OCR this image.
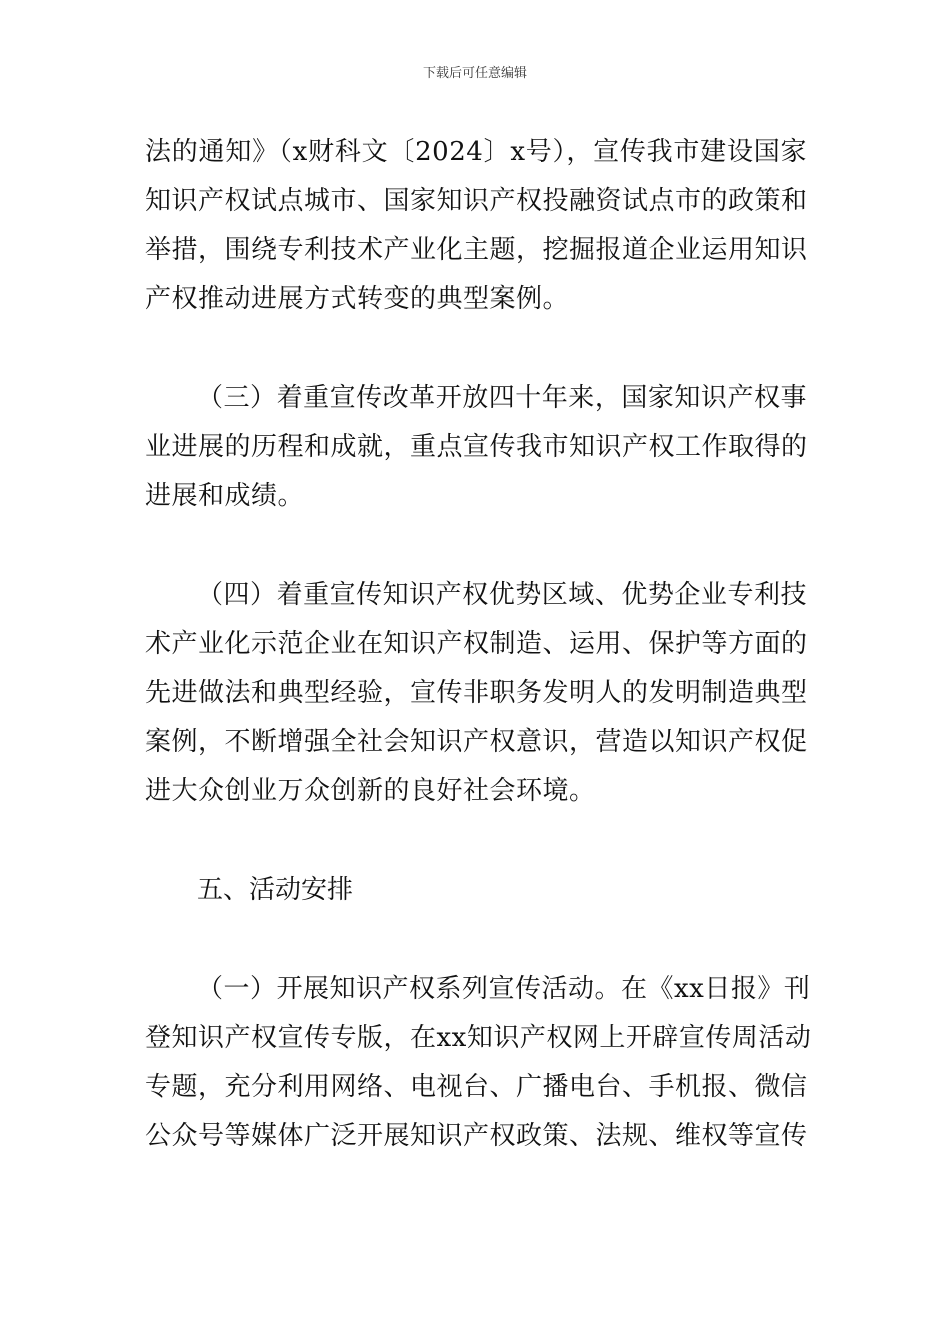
下载后可任意编辑
法的通知》（x财科文〔2024〕x号），宣传我市建设国家
知识产权试点城市、国家知识产权投融资试点市的政策和
举措，围绕专利技术产业化主题，挖掘报道企业运用知识
产权推动进展方式转变的典型案例。
（三）着重宣传改革开放四十年来，国家知识产权事
业进展的历程和成就，重点宣传我市知识产权工作取得的
进展和成绩。
（四）着重宣传知识产权优势区域、优势企业专利技
术产业化示范企业在知识产权制造、运用、保护等方面的
先进做法和典型经验，宣传非职务发明人的发明制造典型
案例，不断增强全社会知识产权意识，营造以知识产权促
进大众创业万众创新的良好社会环境。
五、活动安排
（一）开展知识产权系列宣传活动。在《xx日报》刊
登知识产权宣传专版，在xx知识产权网上开辟宣传周活动
专题，充分利用网络、电视台、广播电台、手机报、微信
公众号等媒体广泛开展知识产权政策、法规、维权等宣传
